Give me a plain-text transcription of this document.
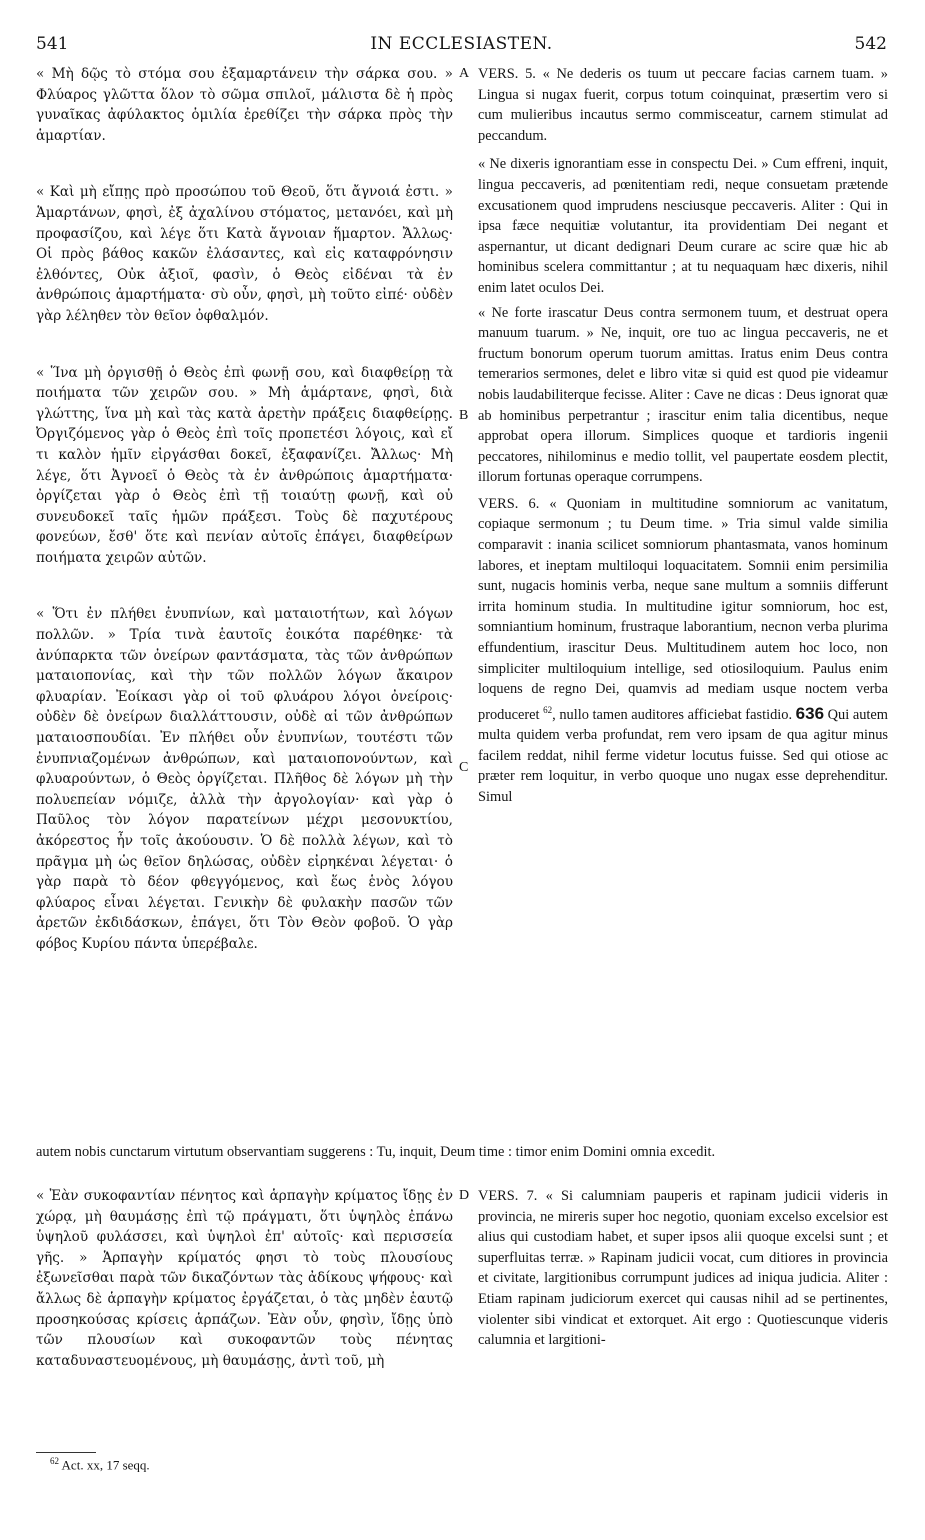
541	IN ECCLESIASTEN.	542

« Μὴ δῷς τὸ στόμα σου ἐξαμαρτάνειν τὴν σάρκα σου. » Φλύαρος γλῶττα ὅλον τὸ σῶμα σπιλοῖ, μάλιστα δὲ ἡ πρὸς γυναῖκας ἀφύλακτος ὁμιλία ἐρεθίζει τὴν σάρκα πρὸς τὴν ἁμαρτίαν.

« Καὶ μὴ εἴπῃς πρὸ προσώπου τοῦ Θεοῦ, ὅτι ἄγνοιά ἐστι. » Ἁμαρτάνων, φησὶ, ἐξ ἀχαλίνου στόματος, μετανόει, καὶ μὴ προφασίζου, καὶ λέγε ὅτι Κατὰ ἄγνοιαν ἥμαρτον. Ἄλλως· Οἱ πρὸς βάθος κακῶν ἐλάσαντες, καὶ εἰς καταφρόνησιν ἐλθόντες, Οὐκ ἀξιοῖ, φασὶν, ὁ Θεὸς εἰδέναι τὰ ἐν ἀνθρώποις ἁμαρτήματα· σὺ οὖν, φησὶ, μὴ τοῦτο εἰπέ· οὐδὲν γὰρ λέληθεν τὸν θεῖον ὀφθαλμόν.

« Ἵνα μὴ ὀργισθῇ ὁ Θεὸς ἐπὶ φωνῇ σου, καὶ διαφθείρῃ τὰ ποιήματα τῶν χειρῶν σου. » Μὴ ἁμάρτανε, φησὶ, διὰ γλώττης, ἵνα μὴ καὶ τὰς κατὰ ἀρετὴν πράξεις διαφθείρῃς. Ὀργιζόμενος γὰρ ὁ Θεὸς ἐπὶ τοῖς προπετέσι λόγοις, καὶ εἴ τι καλὸν ἡμῖν εἰργάσθαι δοκεῖ, ἐξαφανίζει. Ἄλλως· Μὴ λέγε, ὅτι Ἀγνοεῖ ὁ Θεὸς τὰ ἐν ἀνθρώποις ἁμαρτήματα· ὀργίζεται γὰρ ὁ Θεὸς ἐπὶ τῇ τοιαύτῃ φωνῇ, καὶ οὐ συνευδοκεῖ ταῖς ἡμῶν πράξεσι. Τοὺς δὲ παχυτέρους φονεύων, ἔσθ' ὅτε καὶ πενίαν αὐτοῖς ἐπάγει, διαφθείρων ποιήματα χειρῶν αὐτῶν.

« Ὅτι ἐν πλήθει ἐνυπνίων, καὶ ματαιοτήτων, καὶ λόγων πολλῶν. » Τρία τινὰ ἑαυτοῖς ἐοικότα παρέθηκε· τὰ ἀνύπαρκτα τῶν ὀνείρων φαντάσματα, τὰς τῶν ἀνθρώπων ματαιοπονίας, καὶ τὴν τῶν πολλῶν λόγων ἄκαιρον φλυαρίαν. Ἐοίκασι γὰρ οἱ τοῦ φλυάρου λόγοι ὀνείροις· οὐδὲν δὲ ὀνείρων διαλλάττουσιν, οὐδὲ αἱ τῶν ἀνθρώπων ματαιοσπουδίαι. Ἐν πλήθει οὖν ἐνυπνίων, τουτέστι τῶν ἐνυπνιαζομένων ἀνθρώπων, καὶ ματαιοπονούντων, καὶ φλυαρούντων, ὁ Θεὸς ὀργίζεται. Πλῆθος δὲ λόγων μὴ τὴν πολυεπείαν νόμιζε, ἀλλὰ τὴν ἀργολογίαν· καὶ γὰρ ὁ Παῦλος τὸν λόγον παρατείνων μέχρι μεσονυκτίου, ἀκόρεστος ἦν τοῖς ἀκούουσιν. Ὁ δὲ πολλὰ λέγων, καὶ τὸ πρᾶγμα μὴ ὡς θεῖον δηλώσας, οὐδὲν εἰρηκέναι λέγεται· ὁ γὰρ παρὰ τὸ δέον φθεγγόμενος, καὶ ἕως ἑνὸς λόγου φλύαρος εἶναι λέγεται. Γενικὴν δὲ φυλακὴν πασῶν τῶν ἀρετῶν ἐκδιδάσκων, ἐπάγει, ὅτι Τὸν Θεὸν φοβοῦ. Ὁ γὰρ φόβος Κυρίου πάντα ὑπερέβαλε.

VERS. 5. « Ne dederis os tuum ut peccare facias carnem tuam. » Lingua si nugax fuerit, corpus totum coinquinat, præsertim vero si cum mulieribus incautus sermo commisceatur, carnem stimulat ad peccandum.

« Ne dixeris ignorantiam esse in conspectu Dei. » Cum effreni, inquit, lingua peccaveris, ad pœnitentiam redi, neque consuetam prætende excusationem quod imprudens nesciusque peccaveris. Aliter : Qui in ipsa fæce nequitiæ volutantur, ita providentiam Dei negant et aspernantur, ut dicant dedignari Deum curare ac scire quæ hic ab hominibus scelera committantur ; at tu nequaquam hæc dixeris, nihil enim latet oculos Dei.

« Ne forte irascatur Deus contra sermonem tuum, et destruat opera manuum tuarum. » Ne, inquit, ore tuo ac lingua peccaveris, ne et fructum bonorum operum tuorum amittas. Iratus enim Deus contra temerarios sermones, delet e libro vitæ si quid est quod pie videamur nobis laudabiliterque fecisse. Aliter : Cave ne dicas : Deus ignorat quæ ab hominibus perpetrantur ; irascitur enim talia dicentibus, neque approbat opera illorum. Simplices quoque et tardioris ingenii peccatores, nihilominus e medio tollit, vel paupertate eosdem plectit, illorum fortunas operaque corrumpens.

VERS. 6. « Quoniam in multitudine somniorum ac vanitatum, copiaque sermonum ; tu Deum time. » Tria simul valde similia comparavit : inania scilicet somniorum phantasmata, vanos hominum labores, et ineptam multiloqui loquacitatem. Somnii enim persimilia sunt, nugacis hominis verba, neque sane multum a somniis differunt irrita hominum studia. In multitudine igitur somniorum, hoc est, somniantium hominum, frustraque laborantium, necnon verba plurima effundentium, irascitur Deus. Multitudinem autem hoc loco, non simpliciter multiloquium intellige, sed otiosiloquium. Paulus enim loquens de regno Dei, quamvis ad mediam usque noctem verba produceret $^{62}$, nullo tamen auditores afficiebat fastidio. 636 Qui autem multa quidem verba profundat, rem vero ipsam de qua agitur minus facilem reddat, nihil ferme videtur locutus fuisse. Sed qui otiose ac præter rem loquitur, in verbo quoque uno nugax esse deprehenditur. Simul

A
B
C
autem nobis cunctarum virtutum observantiam suggerens : Tu, inquit, Deum time : timor enim Domini omnia excedit.
D

« Ἐὰν συκοφαντίαν πένητος καὶ ἁρπαγὴν κρίματος ἴδῃς ἐν χώρᾳ, μὴ θαυμάσῃς ἐπὶ τῷ πράγματι, ὅτι ὑψηλὸς ἐπάνω ὑψηλοῦ φυλάσσει, καὶ ὑψηλοὶ ἐπ' αὐτοῖς· καὶ περισσεία γῆς. » Ἁρπαγὴν κρίματός φησι τὸ τοὺς πλουσίους ἐξωνεῖσθαι παρὰ τῶν δικαζόντων τὰς ἀδίκους ψήφους· καὶ ἄλλως δὲ ἁρπαγὴν κρίματος ἐργάζεται, ὁ τὰς μηδὲν ἑαυτῷ προσηκούσας κρίσεις ἁρπάζων. Ἐὰν οὖν, φησὶν, ἴδῃς ὑπὸ τῶν πλουσίων καὶ συκοφαντῶν τοὺς πένητας καταδυναστευομένους, μὴ θαυμάσῃς, ἀντὶ τοῦ, μὴ

VERS. 7. « Si calumniam pauperis et rapinam judicii videris in provincia, ne mireris super hoc negotio, quoniam excelso excelsior est alius qui custodiam habet, et super ipsos alii quoque excelsi sunt ; et superfluitas terræ. » Rapinam judicii vocat, cum ditiores in provincia et civitate, largitionibus corrumpunt judices ad iniqua judicia. Aliter : Etiam rapinam judiciorum exercet qui causas nihil ad se pertinentes, violenter sibi vindicat et extorquet. Ait ergo : Quotiescunque videris calumnia et largitioni-

$^{62}$ Act. xx, 17 seqq.
